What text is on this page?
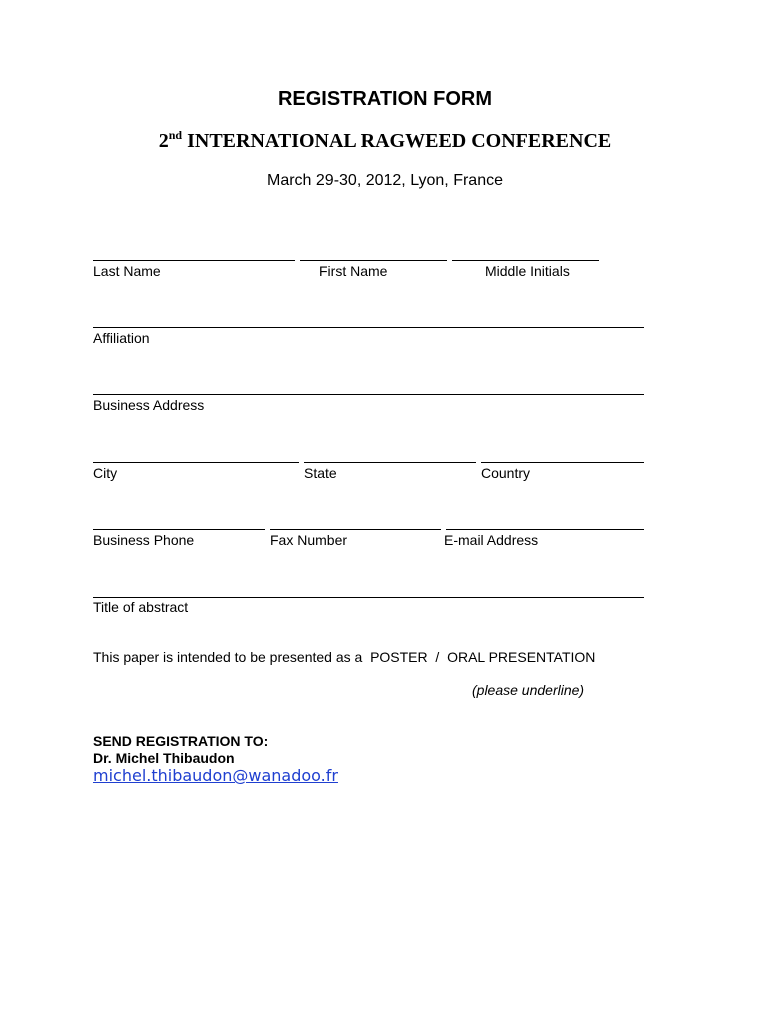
REGISTRATION FORM
2nd INTERNATIONAL RAGWEED CONFERENCE
March 29-30, 2012, Lyon, France
Last Name	First Name	Middle Initials
Affiliation
Business Address
City	State	Country
Business Phone	Fax Number	E-mail Address
Title of abstract
This paper is intended to be presented as a  POSTER  /  ORAL PRESENTATION
(please underline)
SEND REGISTRATION TO:
Dr. Michel Thibaudon
michel.thibaudon@wanadoo.fr
